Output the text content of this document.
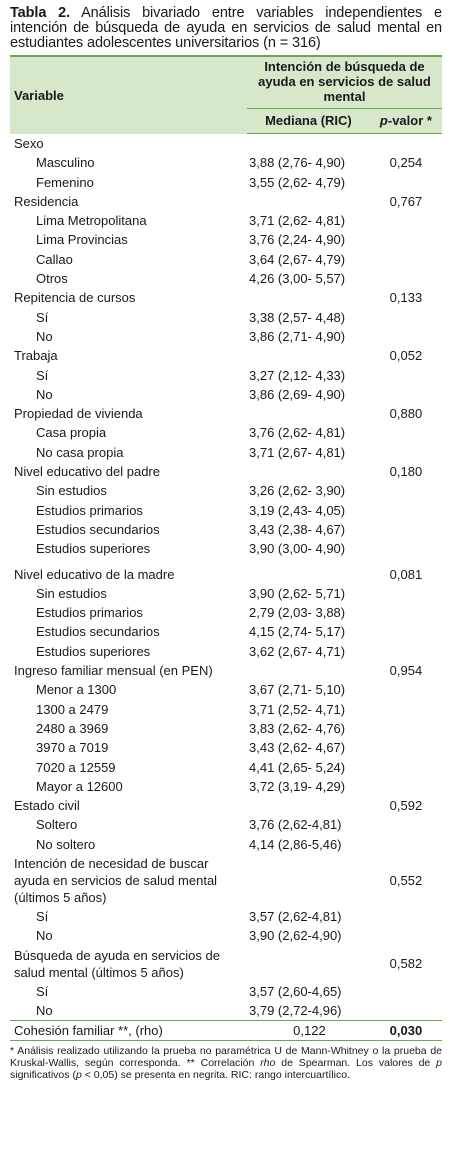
Tabla 2. Análisis bivariado entre variables independientes e intención de búsqueda de ayuda en servicios de salud mental en estudiantes adolescentes universitarios (n = 316)

Variable	Intención de búsqueda de ayuda en servicios de salud mental	
	Mediana (RIC)	p-valor *
Sexo		
Masculino	3,88 (2,76- 4,90)	0,254
Femenino	3,55 (2,62- 4,79)	
Residencia		0,767
Lima Metropolitana	3,71 (2,62- 4,81)	
Lima Provincias	3,76 (2,24- 4,90)	
Callao	3,64 (2,67- 4,79)	
Otros	4,26 (3,00- 5,57)	
Repitencia de cursos		0,133
Sí	3,38 (2,57- 4,48)	
No	3,86 (2,71- 4,90)	
Trabaja		0,052
Sí	3,27 (2,12- 4,33)	
No	3,86 (2,69- 4,90)	
Propiedad de vivienda		0,880
Casa propia	3,76 (2,62- 4,81)	
No casa propia	3,71 (2,67- 4,81)	
Nivel educativo del padre		0,180
Sin estudios	3,26 (2,62- 3,90)	
Estudios primarios	3,19 (2,43- 4,05)	
Estudios secundarios	3,43 (2,38- 4,67)	
Estudios superiores	3,90 (3,00- 4,90)	

Nivel educativo de la madre		0,081
Sin estudios	3,90 (2,62- 5,71)	
Estudios primarios	2,79 (2,03- 3,88)	
Estudios secundarios	4,15 (2,74- 5,17)	
Estudios superiores	3,62 (2,67- 4,71)	
Ingreso familiar mensual (en PEN)		0,954
Menor a 1300	3,67 (2,71- 5,10)	
1300 a 2479	3,71 (2,52- 4,71)	
2480 a 3969	3,83 (2,62- 4,76)	
3970 a 7019	3,43 (2,62- 4,67)	
7020 a 12559	4,41 (2,65- 5,24)	
Mayor a 12600	3,72 (3,19- 4,29)	
Estado civil		0,592
Soltero	3,76 (2,62-4,81)	
No soltero	4,14 (2,86-5,46)	
Intención de necesidad de buscar ayuda en servicios de salud mental (últimos 5 años)		0,552
Sí	3,57 (2,62-4,81)	
No	3,90 (2,62-4,90)	
Búsqueda de ayuda en servicios de salud mental (últimos 5 años)		0,582
Sí	3,57 (2,60-4,65)	
No	3,79 (2,72-4,96)	
Cohesión familiar **, (rho)	0,122	0,030

* Análisis realizado utilizando la prueba no paramétrica U de Mann-Whitney o la prueba de Kruskal-Wallis, según corresponda. ** Correlación rho de Spearman. Los valores de p significativos (p < 0,05) se presenta en negrita. RIC: rango intercuartílico.
